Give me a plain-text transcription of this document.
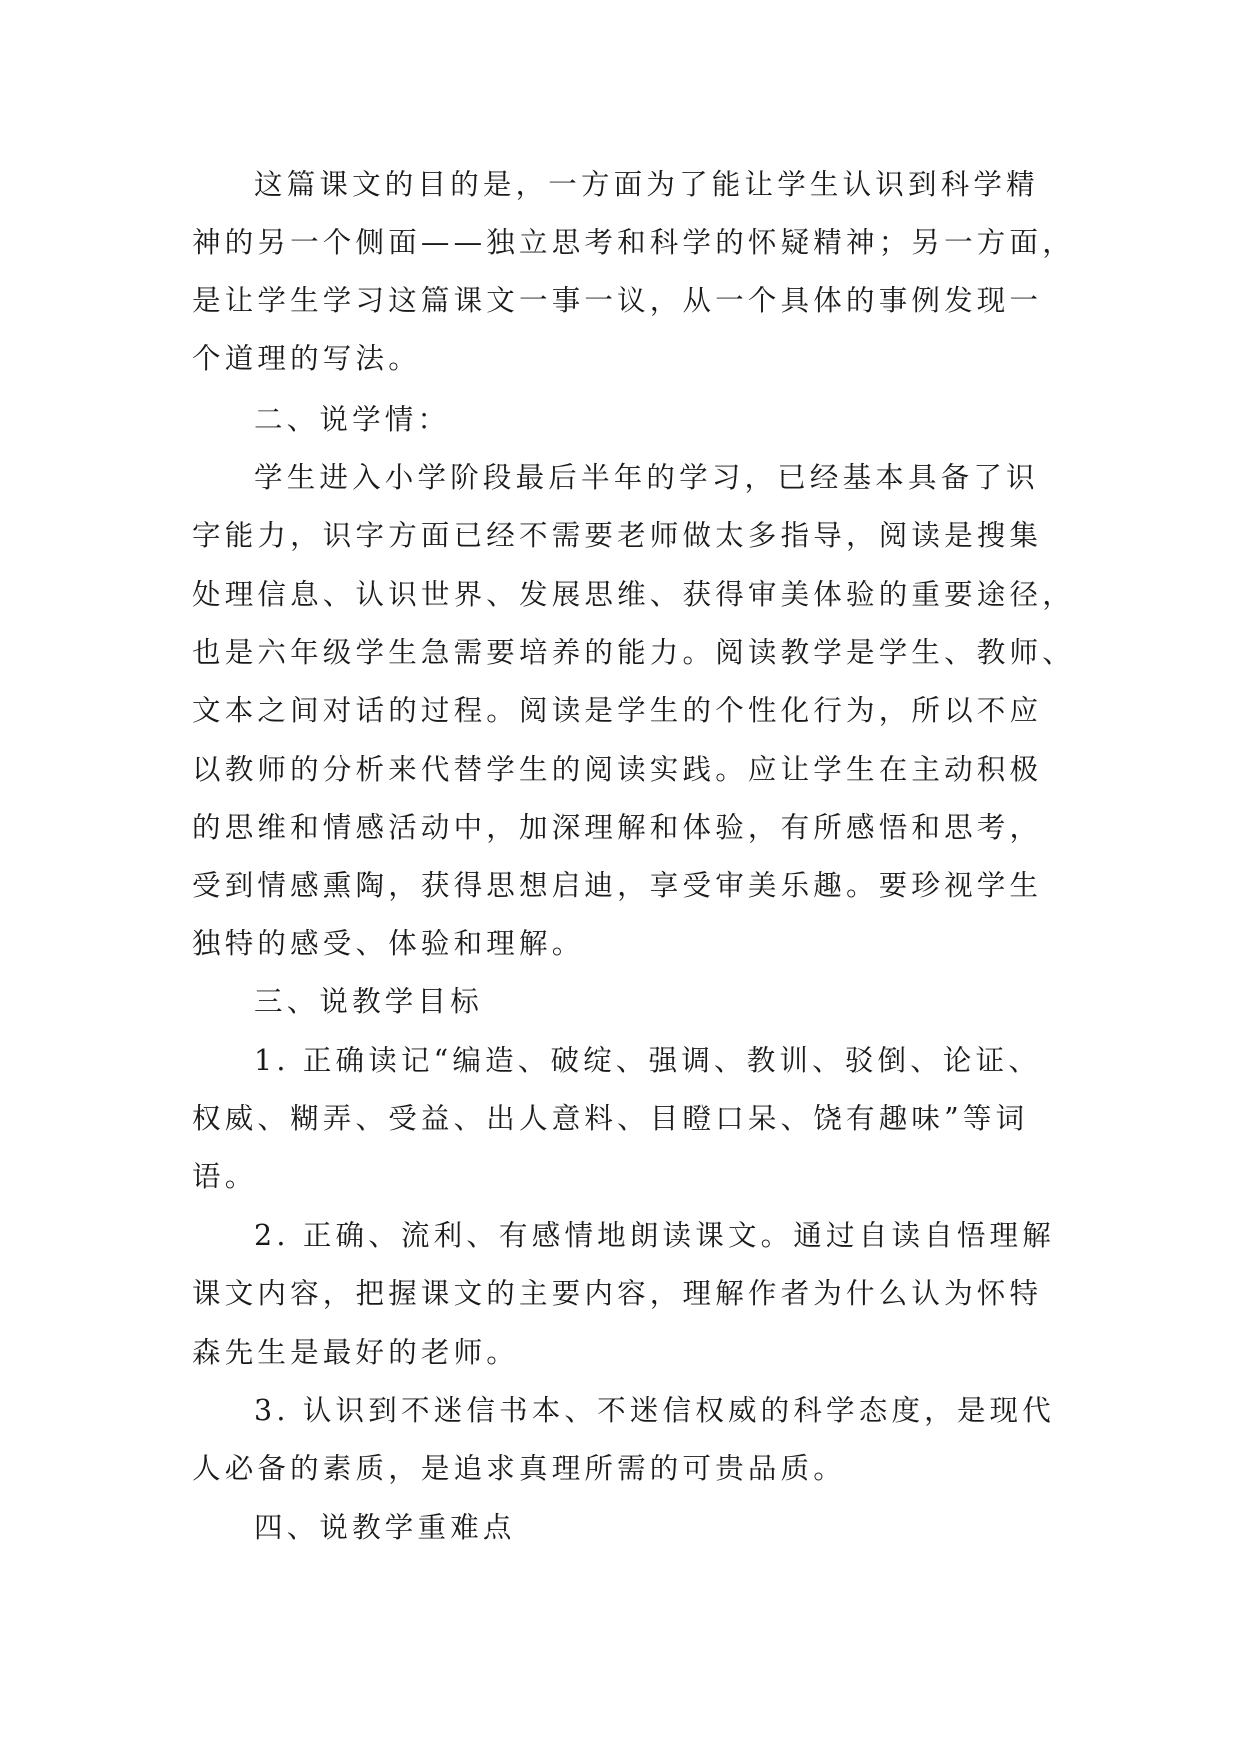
这篇课文的目的是，一方面为了能让学生认识到科学精
神的另一个侧面——独立思考和科学的怀疑精神；另一方面，
是让学生学习这篇课文一事一议，从一个具体的事例发现一
个道理的写法。
二、说学情：
学生进入小学阶段最后半年的学习，已经基本具备了识
字能力，识字方面已经不需要老师做太多指导，阅读是搜集
处理信息、认识世界、发展思维、获得审美体验的重要途径，
也是六年级学生急需要培养的能力。阅读教学是学生、教师、
文本之间对话的过程。阅读是学生的个性化行为，所以不应
以教师的分析来代替学生的阅读实践。应让学生在主动积极
的思维和情感活动中，加深理解和体验，有所感悟和思考，
受到情感熏陶，获得思想启迪，享受审美乐趣。要珍视学生
独特的感受、体验和理解。
三、说教学目标
1. 正确读记“编造、破绽、强调、教训、驳倒、论证、
权威、糊弄、受益、出人意料、目瞪口呆、饶有趣味”等词
语。
2. 正确、流利、有感情地朗读课文。通过自读自悟理解
课文内容，把握课文的主要内容，理解作者为什么认为怀特
森先生是最好的老师。
3. 认识到不迷信书本、不迷信权威的科学态度，是现代
人必备的素质，是追求真理所需的可贵品质。
四、说教学重难点
